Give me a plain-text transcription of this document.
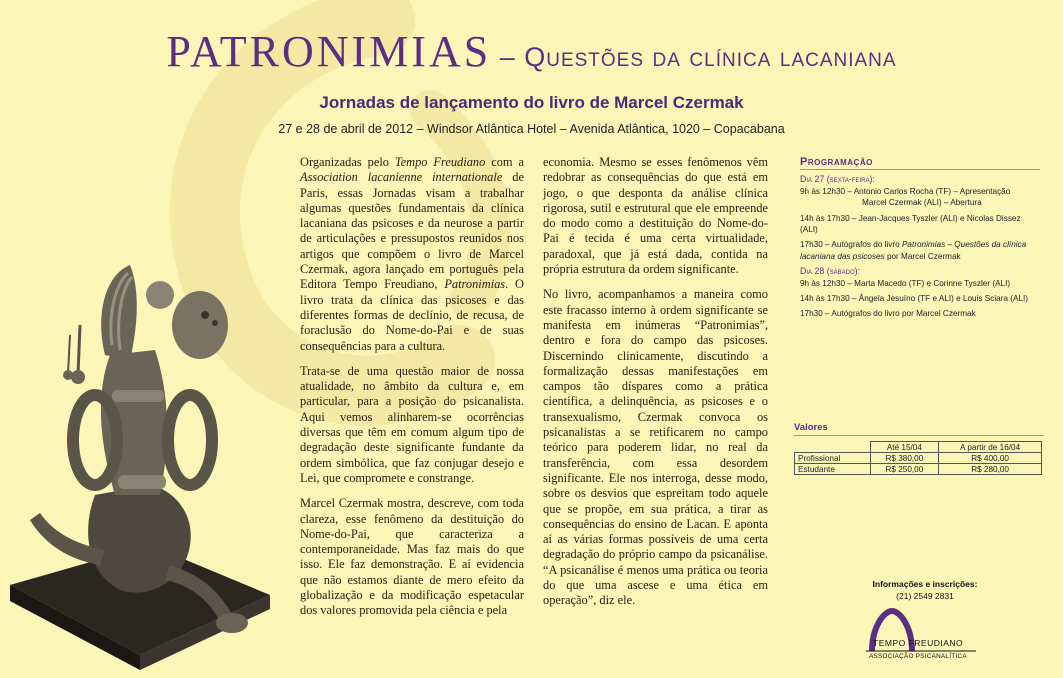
PATRONIMIAS – Questões da clínica lacaniana
Jornadas de lançamento do livro de Marcel Czermak
27 e 28 de abril de 2012 – Windsor Atlântica Hotel – Avenida Atlântica, 1020 – Copacabana

Organizadas pelo Tempo Freudiano com a Association lacanienne internationale de Paris, essas Jornadas visam a trabalhar algumas questões fundamentais da clínica lacaniana das psicoses e da neurose a partir de articulações e pressupostos reunidos nos artigos que compõem o livro de Marcel Czermak, agora lançado em português pela Editora Tempo Freudiano, Patronimias. O livro trata da clínica das psicoses e das diferentes formas de declínio, de recusa, de foraclusão do Nome-do-Pai e de suas consequências para a cultura.

Trata-se de uma questão maior de nossa atualidade, no âmbito da cultura e, em particular, para a posição do psicanalista. Aqui vemos alinharem-se ocorrências diversas que têm em comum algum tipo de degradação deste significante fundante da ordem simbólica, que faz conjugar desejo e Lei, que compromete e constrange.

Marcel Czermak mostra, descreve, com toda clareza, esse fenômeno da destituição do Nome-do-Pai, que caracteriza a contemporaneidade. Mas faz mais do que isso. Ele faz demonstração. E aí evidencia que não estamos diante de mero efeito da globalização e da modificação espetacular dos valores promovida pela ciência e pela

economia. Mesmo se esses fenômenos vêm redobrar as consequências do que está em jogo, o que desponta da análise clínica rigorosa, sutil e estrutural que ele empreende do modo como a destituição do Nome-do-Pai é tecida é uma certa virtualidade, paradoxal, que já está dada, contida na própria estrutura da ordem significante.

No livro, acompanhamos a maneira como este fracasso interno à ordem significante se manifesta em inúmeras “Patronimias”, dentro e fora do campo das psicoses. Discernindo clinicamente, discutindo a formalização dessas manifestações em campos tão díspares como a prática científica, a delinquência, as psicoses e o transexualismo, Czermak convoca os psicanalistas a se retificarem no campo teórico para poderem lidar, no real da transferência, com essa desordem significante. Ele nos interroga, desse modo, sobre os desvios que espreitam todo aquele que se propõe, em sua prática, a tirar as consequências do ensino de Lacan. E aponta aí as várias formas possíveis de uma certa degradação do próprio campo da psicanálise. “A psicanálise é menos uma prática ou teoria do que uma ascese e uma ética em operação”, diz ele.

Programação
Dia 27 (sexta-feira):
9h às 12h30 – Antonio Carlos Rocha (TF) – Apresentação
Marcel Czermak (ALI) – Abertura
14h às 17h30 – Jean-Jacques Tyszler (ALI) e Nicolas Dissez (ALI)
17h30 – Autógrafos do livro Patronimias – Questões da clínica lacaniana das psicoses por Marcel Czermak
Dia 28 (sábado):
9h às 12h30 – Marta Macedo (TF) e Corinne Tyszler (ALI)
14h às 17h30 – Ângela Jesuíno (TF e ALI) e Louis Sciara (ALI)
17h30 – Autógrafos do livro por Marcel Czermak
Valores
	Até 15/04	A partir de 16/04
Profissional	R$ 380,00	R$ 400,00
Estudante	R$ 250,00	R$ 280,00
Informações e inscrições:
(21) 2549 2831
TEMPO FREUDIANO
ASSOCIAÇÃO PSICANALÍTICA
